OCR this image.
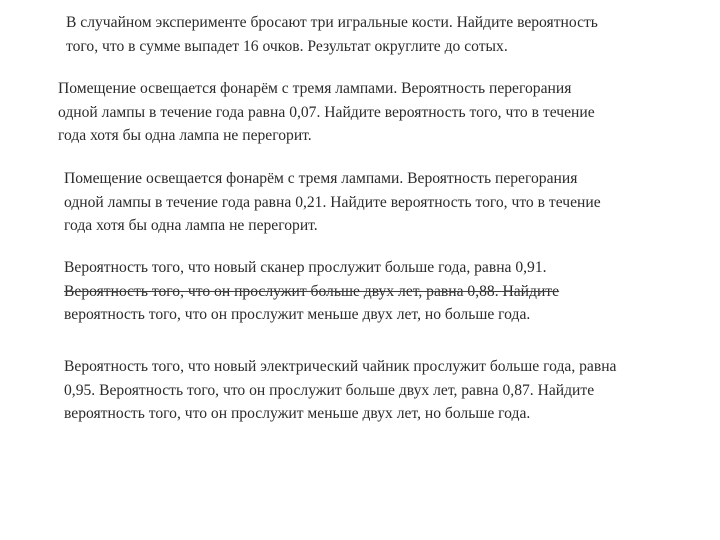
В случайном эксперименте бросают три игральные кости. Найдите вероятность
того, что в сумме выпадет 16 очков. Результат округлите до сотых.
Помещение освещается фонарём с тремя лампами. Вероятность перегорания
одной лампы в течение года равна 0,07. Найдите вероятность того, что в течение
года хотя бы одна лампа не перегорит.
Помещение освещается фонарём с тремя лампами. Вероятность перегорания
одной лампы в течение года равна 0,21. Найдите вероятность того, что в течение
года хотя бы одна лампа не перегорит.
Вероятность того, что новый сканер прослужит больше года, равна 0,91.
Вероятность того, что он прослужит больше двух лет, равна 0,88. Найдите
вероятность того, что он прослужит меньше двух лет, но больше года.
Вероятность того, что новый электрический чайник прослужит больше года, равна
0,95. Вероятность того, что он прослужит больше двух лет, равна 0,87. Найдите
вероятность того, что он прослужит меньше двух лет, но больше года.
